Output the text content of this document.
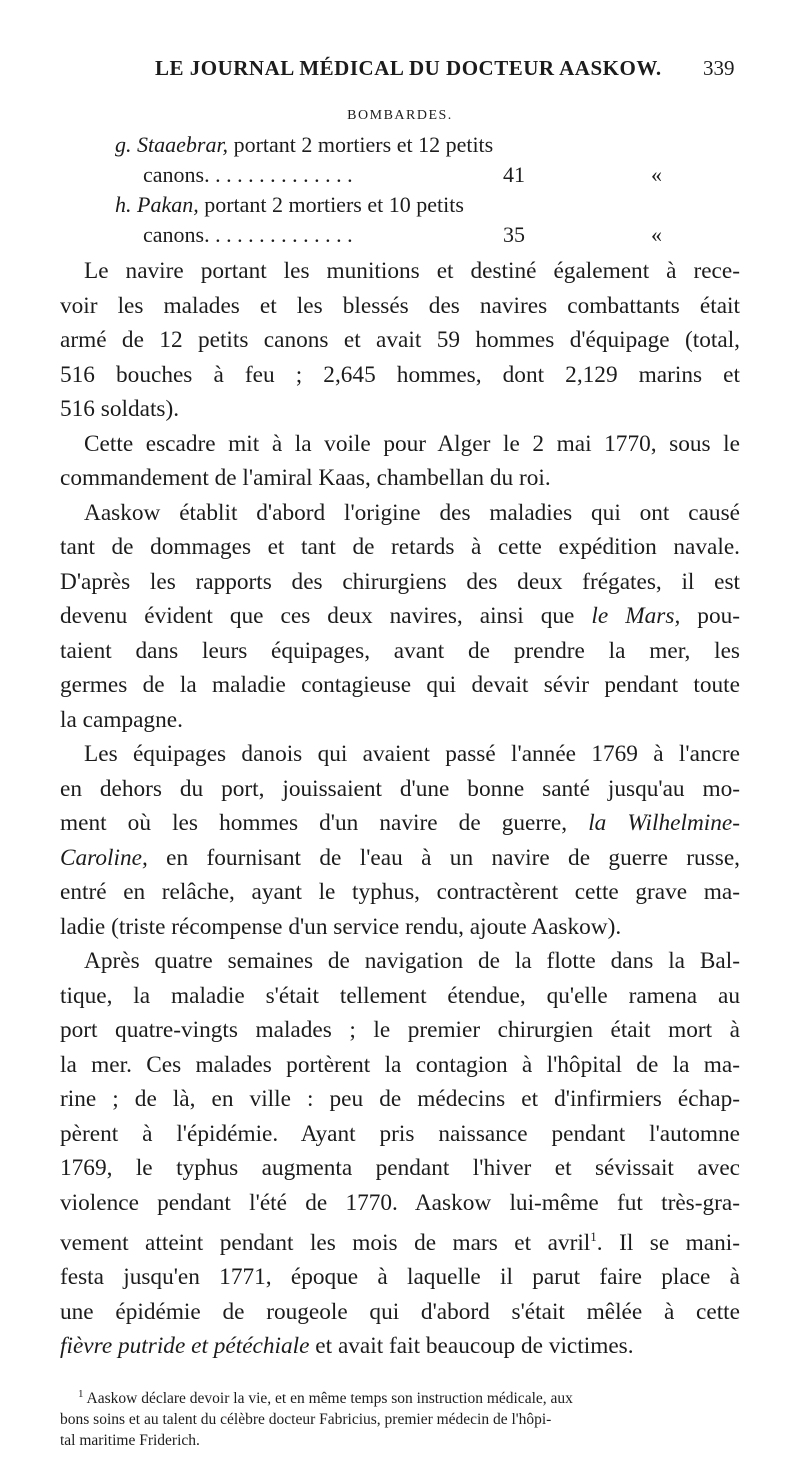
LE JOURNAL MÉDICAL DU DOCTEUR AASKOW. 339
BOMBARDES.
g. Staaebrar, portant 2 mortiers et 12 petits
canons. . . . . . . . . . . . . .	41	«
h. Pakan, portant 2 mortiers et 10 petits
canons. . . . . . . . . . . . . .	35	«

Le navire portant les munitions et destiné également à rece-
voir les malades et les blessés des navires combattants était
armé de 12 petits canons et avait 59 hommes d'équipage (total,
516 bouches à feu ; 2,645 hommes, dont 2,129 marins et
516 soldats).

Cette escadre mit à la voile pour Alger le 2 mai 1770, sous le
commandement de l'amiral Kaas, chambellan du roi.

Aaskow établit d'abord l'origine des maladies qui ont causé
tant de dommages et tant de retards à cette expédition navale.
D'après les rapports des chirurgiens des deux frégates, il est
devenu évident que ces deux navires, ainsi que le Mars, pou-
taient dans leurs équipages, avant de prendre la mer, les
germes de la maladie contagieuse qui devait sévir pendant toute
la campagne.

Les équipages danois qui avaient passé l'année 1769 à l'ancre
en dehors du port, jouissaient d'une bonne santé jusqu'au mo-
ment où les hommes d'un navire de guerre, la Wilhelmine-
Caroline, en fournisant de l'eau à un navire de guerre russe,
entré en relâche, ayant le typhus, contractèrent cette grave ma-
ladie (triste récompense d'un service rendu, ajoute Aaskow).

Après quatre semaines de navigation de la flotte dans la Bal-
tique, la maladie s'était tellement étendue, qu'elle ramena au
port quatre-vingts malades ; le premier chirurgien était mort à
la mer. Ces malades portèrent la contagion à l'hôpital de la ma-
rine ; de là, en ville : peu de médecins et d'infirmiers échap-
pèrent à l'épidémie. Ayant pris naissance pendant l'automne
1769, le typhus augmenta pendant l'hiver et sévissait avec
violence pendant l'été de 1770. Aaskow lui-même fut très-gra-
vement atteint pendant les mois de mars et avril$^1$. Il se mani-
festa jusqu'en 1771, époque à laquelle il parut faire place à
une épidémie de rougeole qui d'abord s'était mêlée à cette
fièvre putride et pétéchiale et avait fait beaucoup de victimes.

$^1$ Aaskow déclare devoir la vie, et en même temps son instruction médicale, aux
bons soins et au talent du célèbre docteur Fabricius, premier médecin de l'hôpi-
tal maritime Friderich.
